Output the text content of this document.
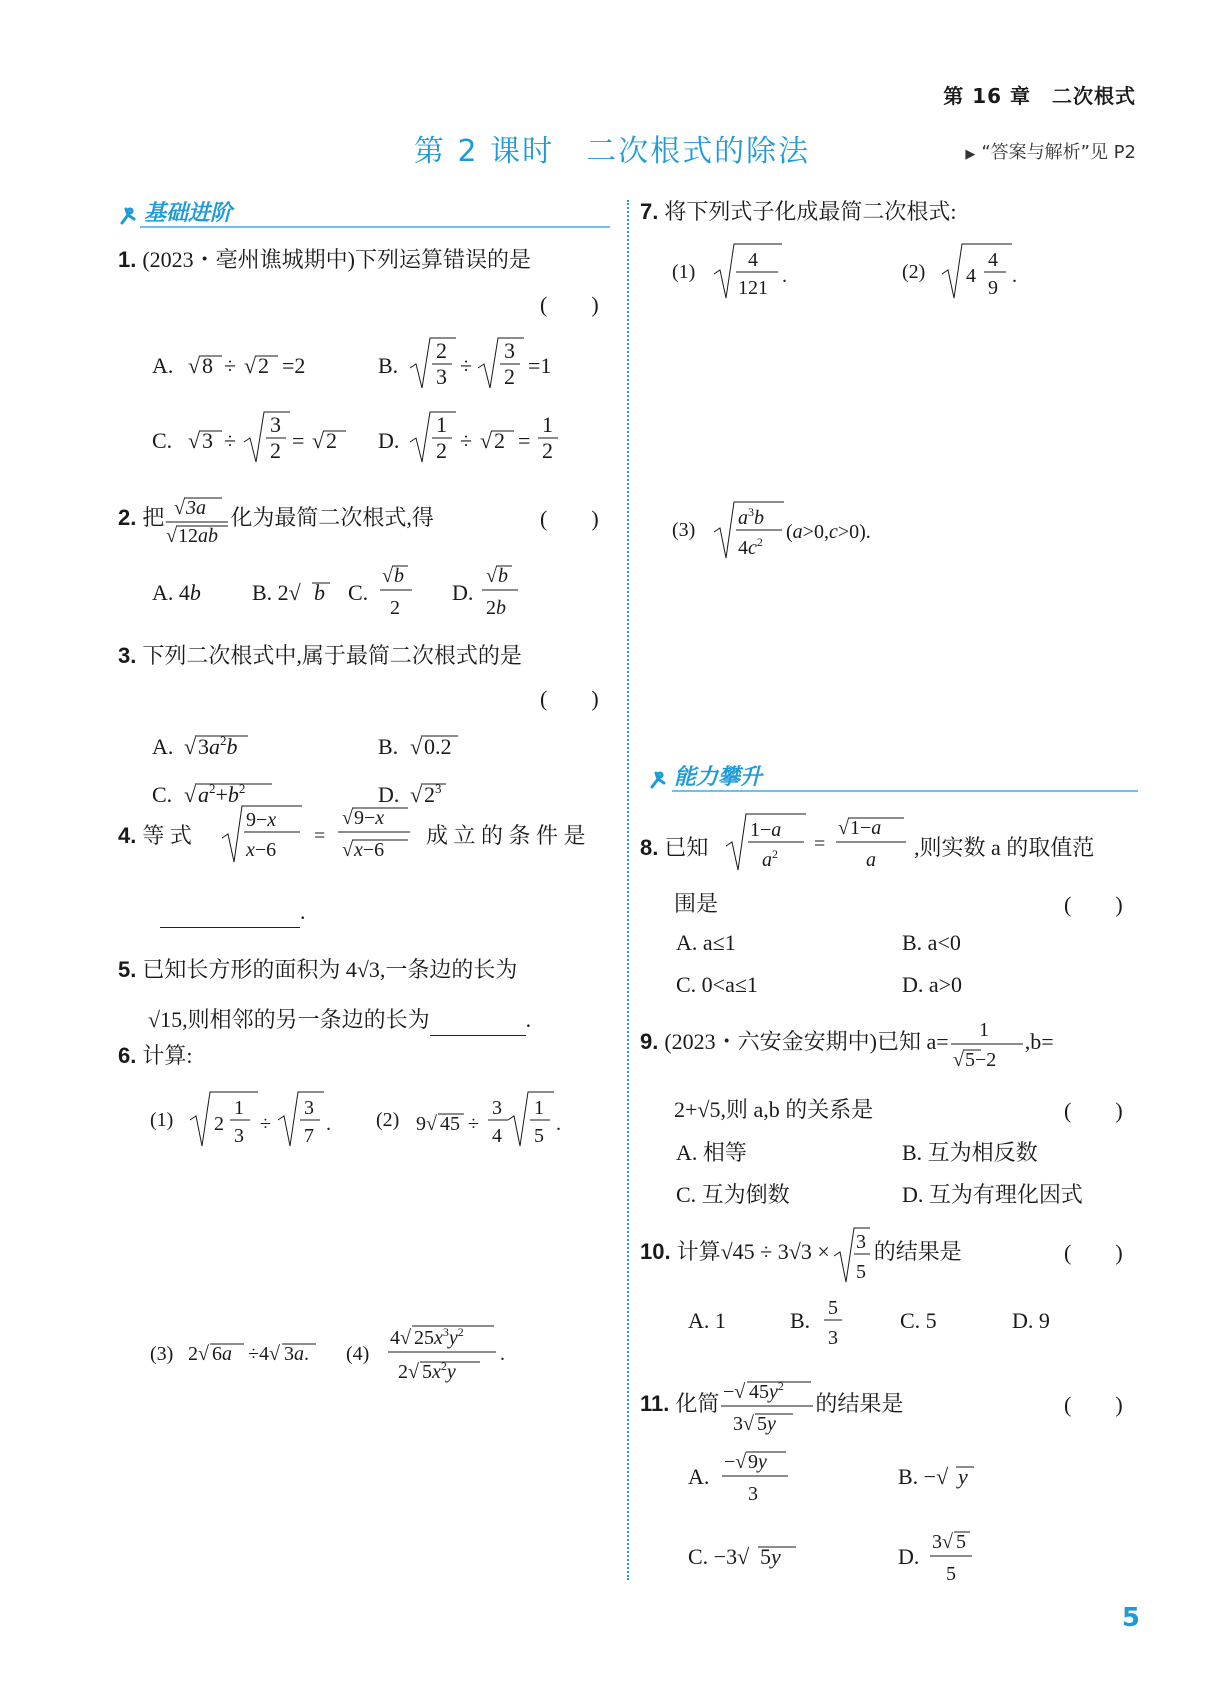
第 16 章　二次根式
第 2 课时　二次根式的除法	▶ “答案与解析”见 P2
基础进阶
1. (2023・亳州谯城期中)下列运算错误的是
(　　)
A. √ 8 ÷ √ 2 =2	B.
2
3 ÷
3
2 =1
C. √ 3 ÷
3
2 = √ 2 D.
1
2 ÷ √ 2 =
1
2
2. 把 √ 3a
√ 12ab
化为最简二次根式,得	(　　)
A. 4b B. 2√ b C.
√ b
2
D.
√ b
2b
3. 下列二次根式中,属于最简二次根式的是
(　　)
A. √ $3a^2b$	B. √ 0.2
C. √ $a^2+b^2$	D. √ $2^3$
4. 等 式
9−x
x−6
=
√ 9−x
√ x−6
成 立 的 条 件 是
.
5. 已知长方形的面积为 4√3,一条边的长为
√15,则相邻的另一条边的长为	.
6. 计算:
(1) 2
1
3
÷
3
7
. (2) 9√ 45 ÷
3
4
1
5
.
(3) 2√ 6a ÷4√ 3a. (4)
4√ $25x^3y^2$
2√ $5x^2y$
.
7. 将下列式子化成最简二次根式:
(1)
4
121
.	(2) 4
4
9
.
(3)
$a^3b$
$4c^2$ (a>0,c>0).
能力攀升
8. 已知
1−a
$a^2$ =
√ 1−a
a ,则实数 a 的取值范
围是	(　　)
A. a≤1	B. a<0
C. 0<a≤1	D. a>0
9. (2023・六安金安期中)已知 a= 1
√ 5−2
,b=
2+√5,则 a,b 的关系是	(　　)
A. 相等	B. 互为相反数
C. 互为倒数	D. 互为有理化因式
10. 计算√45 ÷ 3√3 × 3
5
的结果是	(　　)
A. 1	B. 5
3
C. 5	D. 9
11. 化简 −√ $45y^2$
3√ 5y
的结果是	(　　)
A.
−√ 9y
3
B. −√ y
C. −3√ 5y	D.
3√ 5
5
5
